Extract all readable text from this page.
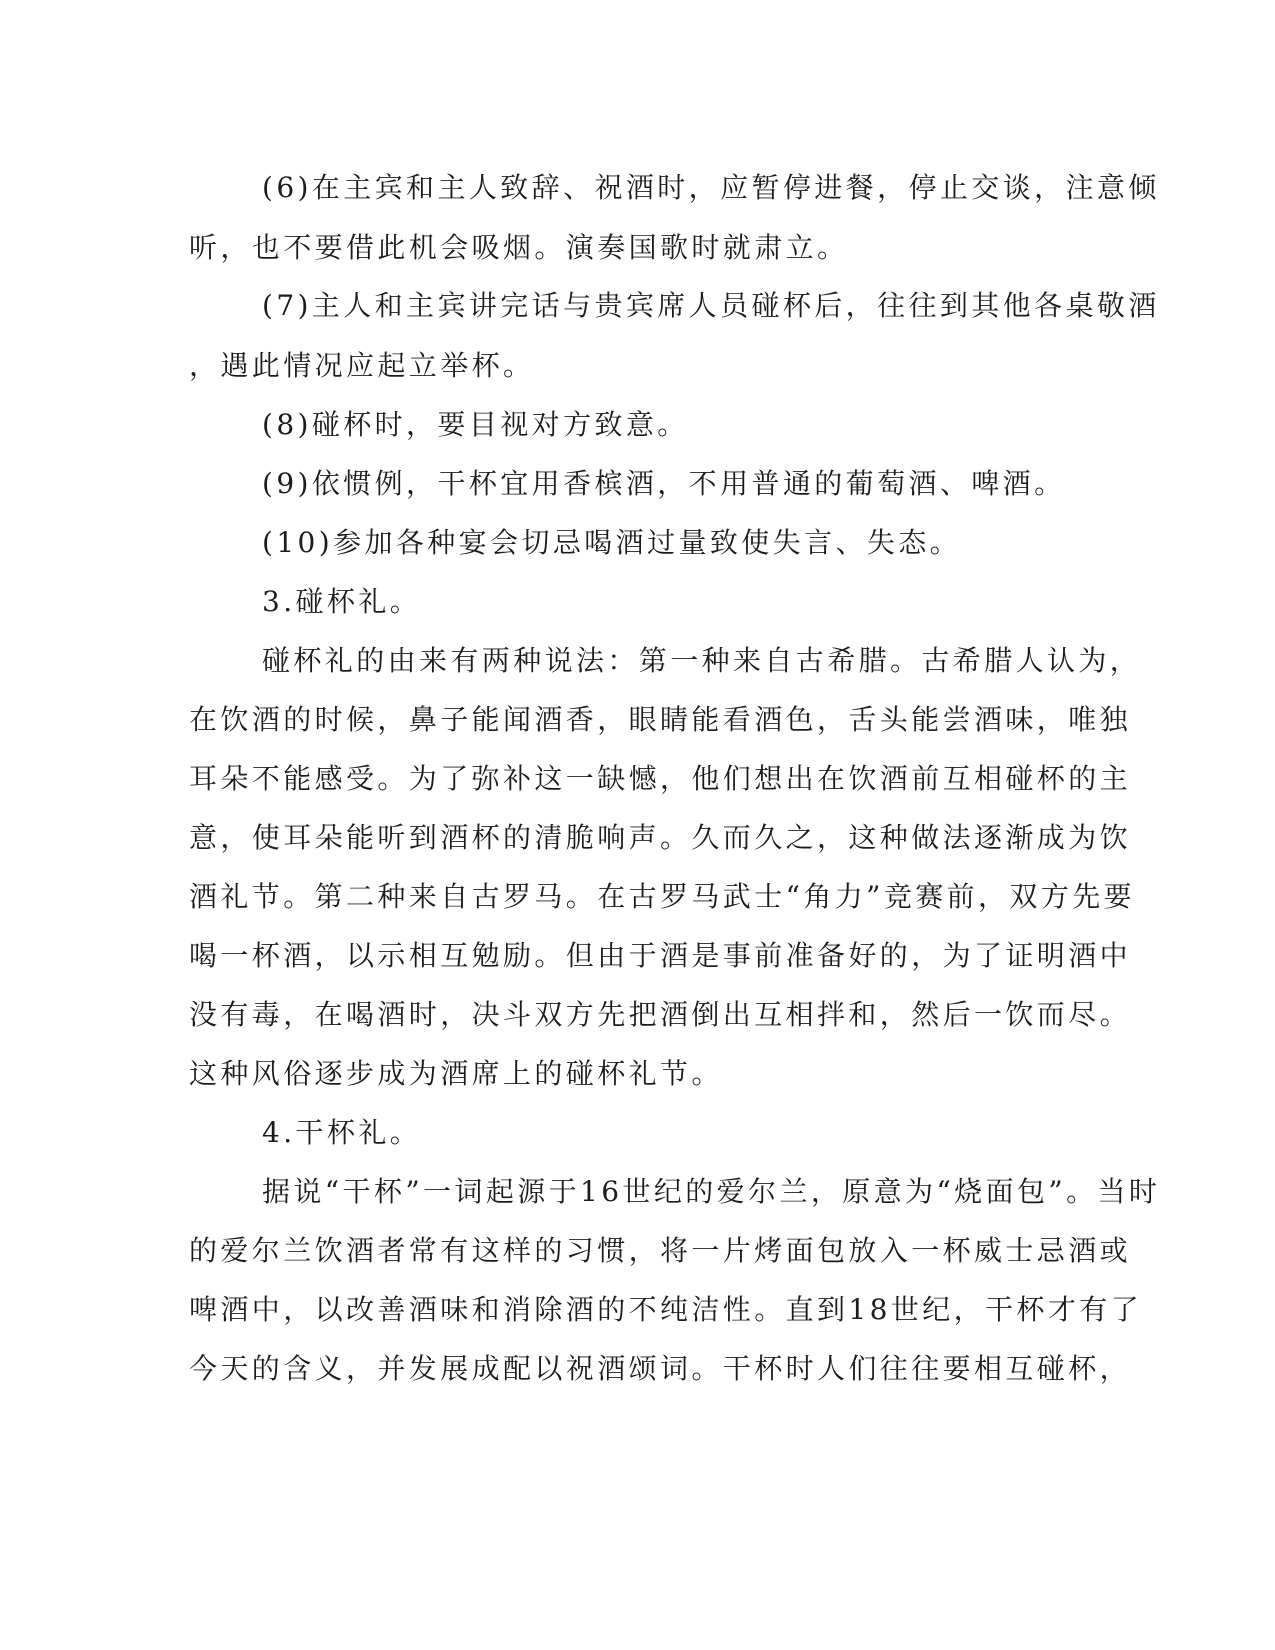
(6)在主宾和主人致辞、祝酒时，应暂停进餐，停止交谈，注意倾
听，也不要借此机会吸烟。演奏国歌时就肃立。
(7)主人和主宾讲完话与贵宾席人员碰杯后，往往到其他各桌敬酒
，遇此情况应起立举杯。
(8)碰杯时，要目视对方致意。
(9)依惯例，干杯宜用香槟酒，不用普通的葡萄酒、啤酒。
(10)参加各种宴会切忌喝酒过量致使失言、失态。
3.碰杯礼。
碰杯礼的由来有两种说法：第一种来自古希腊。古希腊人认为，
在饮酒的时候，鼻子能闻酒香，眼睛能看酒色，舌头能尝酒味，唯独
耳朵不能感受。为了弥补这一缺憾，他们想出在饮酒前互相碰杯的主
意，使耳朵能听到酒杯的清脆响声。久而久之，这种做法逐渐成为饮
酒礼节。第二种来自古罗马。在古罗马武士“角力”竞赛前，双方先要
喝一杯酒，以示相互勉励。但由于酒是事前准备好的，为了证明酒中
没有毒，在喝酒时，决斗双方先把酒倒出互相拌和，然后一饮而尽。
这种风俗逐步成为酒席上的碰杯礼节。
4.干杯礼。
据说“干杯”一词起源于16世纪的爱尔兰，原意为“烧面包”。当时
的爱尔兰饮酒者常有这样的习惯，将一片烤面包放入一杯威士忌酒或
啤酒中，以改善酒味和消除酒的不纯洁性。直到18世纪，干杯才有了
今天的含义，并发展成配以祝酒颂词。干杯时人们往往要相互碰杯，
